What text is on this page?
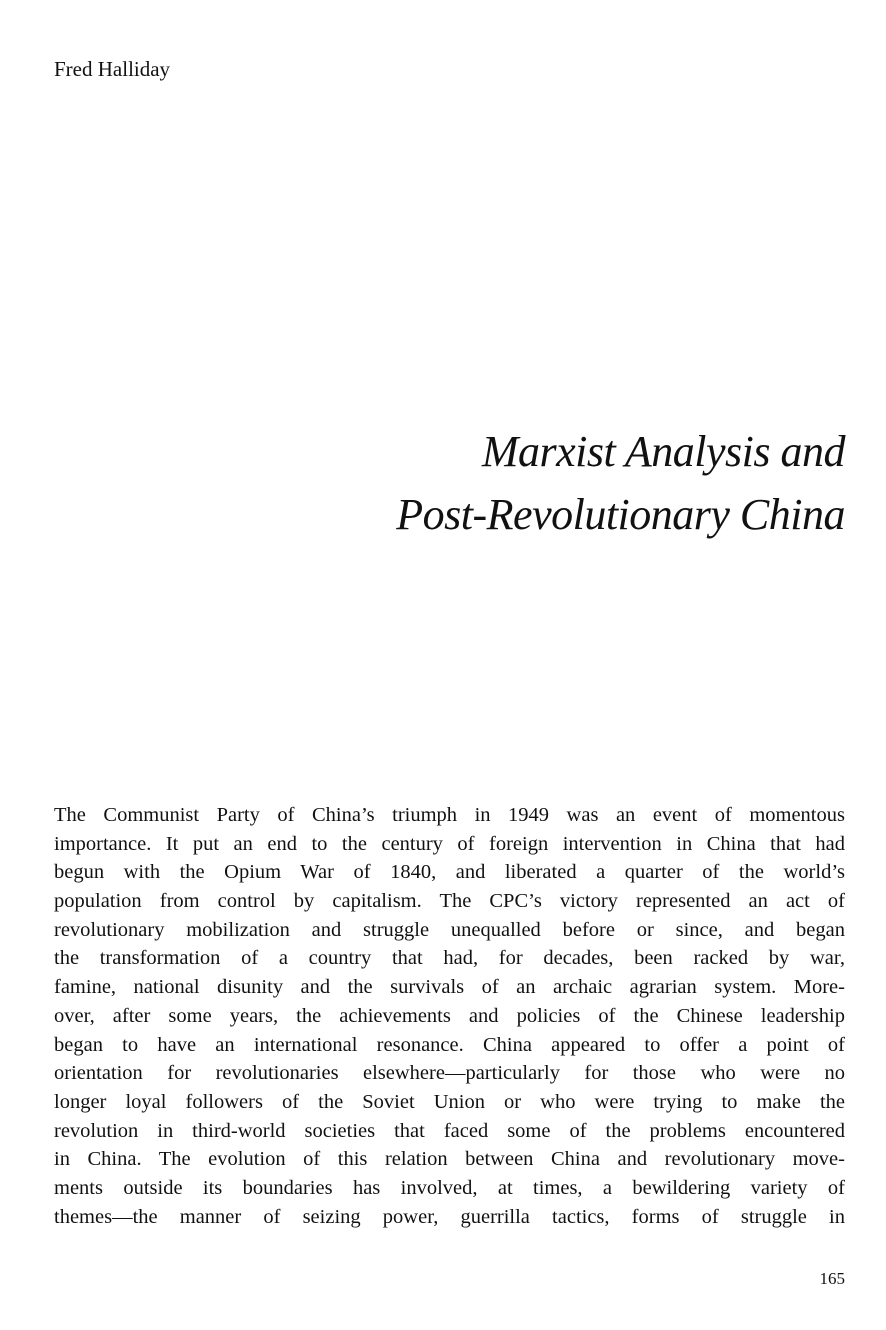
Fred Halliday

Marxist Analysis and
Post-Revolutionary China
The Communist Party of China’s triumph in 1949 was an event of momentous
importance. It put an end to the century of foreign intervention in China that had
begun with the Opium War of 1840, and liberated a quarter of the world’s
population from control by capitalism. The CPC’s victory represented an act of
revolutionary mobilization and struggle unequalled before or since, and began
the transformation of a country that had, for decades, been racked by war,
famine, national disunity and the survivals of an archaic agrarian system. More-
over, after some years, the achievements and policies of the Chinese leadership
began to have an international resonance. China appeared to offer a point of
orientation for revolutionaries elsewhere—particularly for those who were no
longer loyal followers of the Soviet Union or who were trying to make the
revolution in third-world societies that faced some of the problems encountered
in China. The evolution of this relation between China and revolutionary move-
ments outside its boundaries has involved, at times, a bewildering variety of
themes—the manner of seizing power, guerrilla tactics, forms of struggle in

165
